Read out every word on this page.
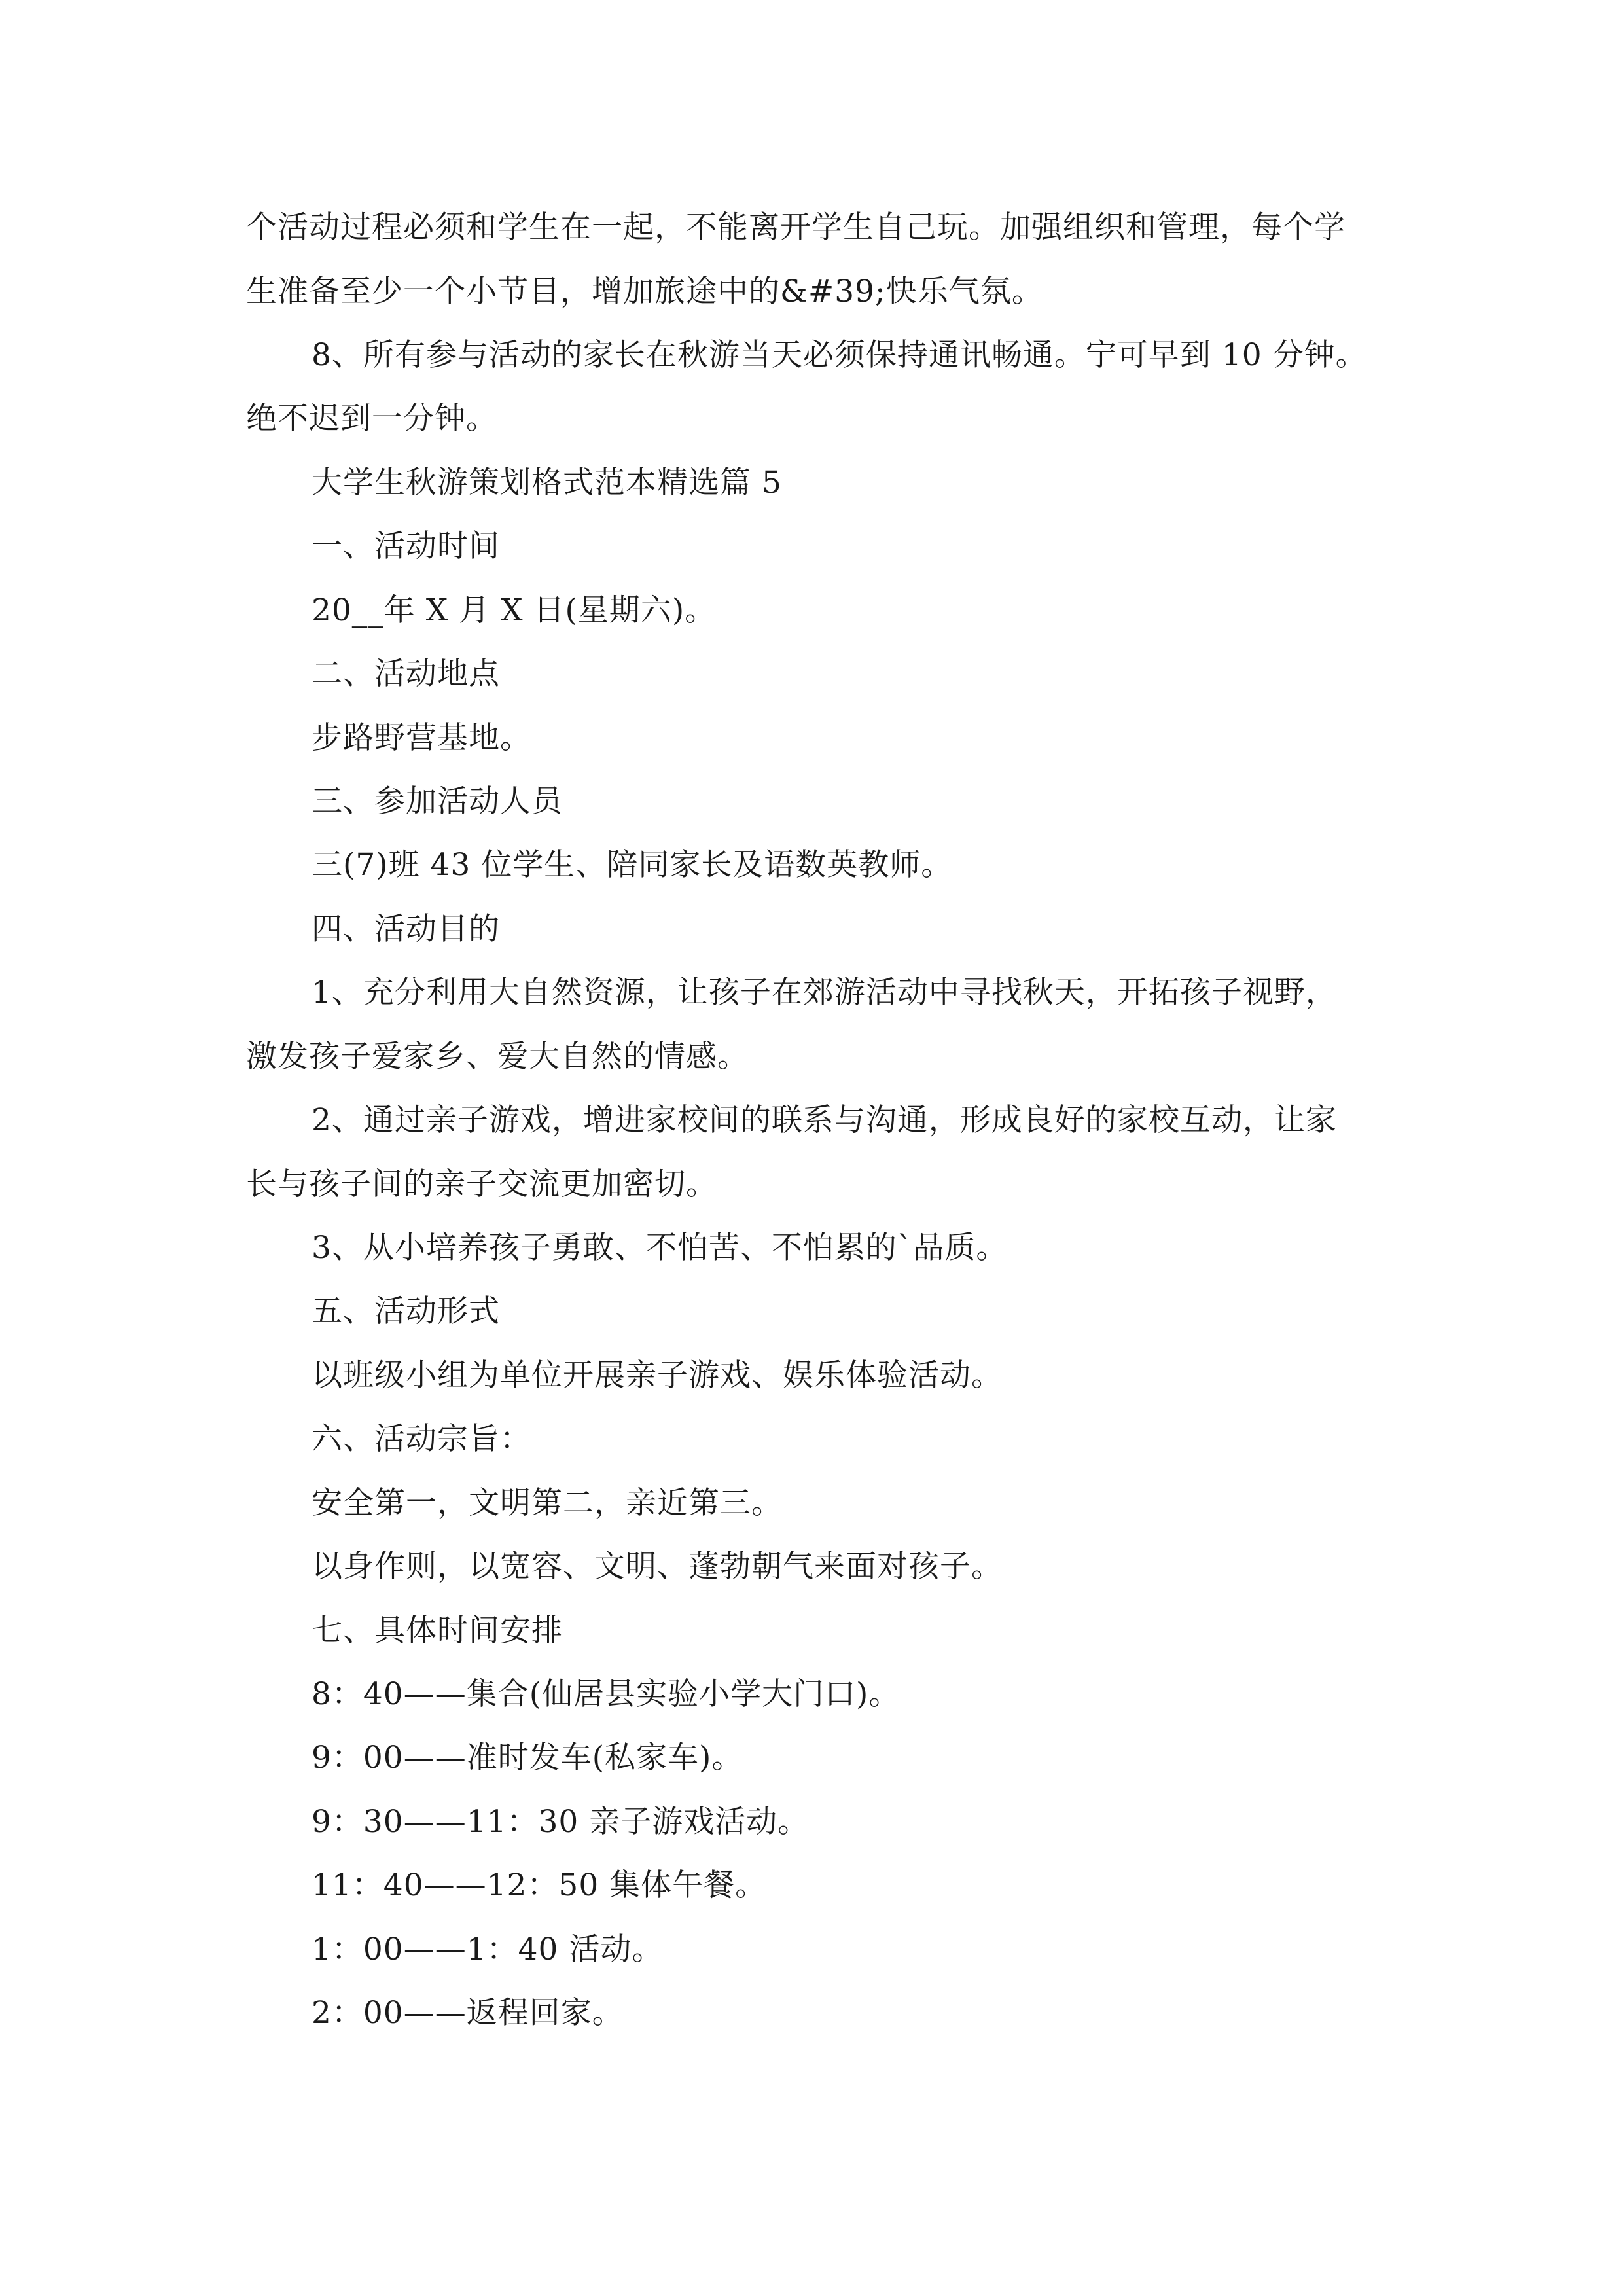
个活动过程必须和学生在一起，不能离开学生自己玩。加强组织和管理，每个学
生准备至少一个小节目，增加旅途中的&#39;快乐气氛。
8、所有参与活动的家长在秋游当天必须保持通讯畅通。宁可早到 10 分钟。
绝不迟到一分钟。
大学生秋游策划格式范本精选篇 5
一、活动时间
20__年 X 月 X 日(星期六)。
二、活动地点
步路野营基地。
三、参加活动人员
三(7)班 43 位学生、陪同家长及语数英教师。
四、活动目的
1、充分利用大自然资源，让孩子在郊游活动中寻找秋天，开拓孩子视野，
激发孩子爱家乡、爱大自然的情感。
2、通过亲子游戏，增进家校间的联系与沟通，形成良好的家校互动，让家
长与孩子间的亲子交流更加密切。
3、从小培养孩子勇敢、不怕苦、不怕累的`品质。
五、活动形式
以班级小组为单位开展亲子游戏、娱乐体验活动。
六、活动宗旨：
安全第一，文明第二，亲近第三。
以身作则，以宽容、文明、蓬勃朝气来面对孩子。
七、具体时间安排
8：40——集合(仙居县实验小学大门口)。
9：00——准时发车(私家车)。
9：30——11：30 亲子游戏活动。
11：40——12：50 集体午餐。
1：00——1：40 活动。
2：00——返程回家。
